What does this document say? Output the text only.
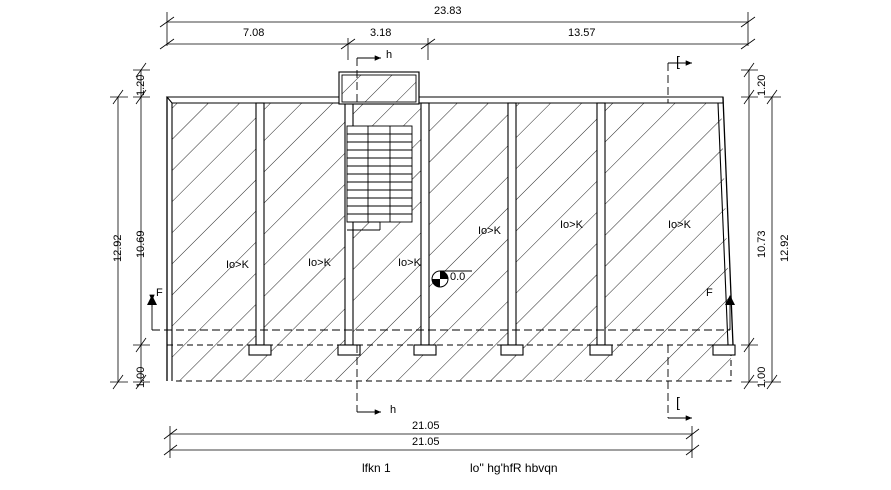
23.83
7.08	3.18	13.57
1.20
12.92 10.69
1.00
1.20
10.73 12.92
1.00
21.05
21.05
h
h
[
[
F	F
0.0
Io>K	Io>K	Io>K
Io>K	Io>K	Io>K
lfkn 1	lo'' hg'hfR hbvqn
